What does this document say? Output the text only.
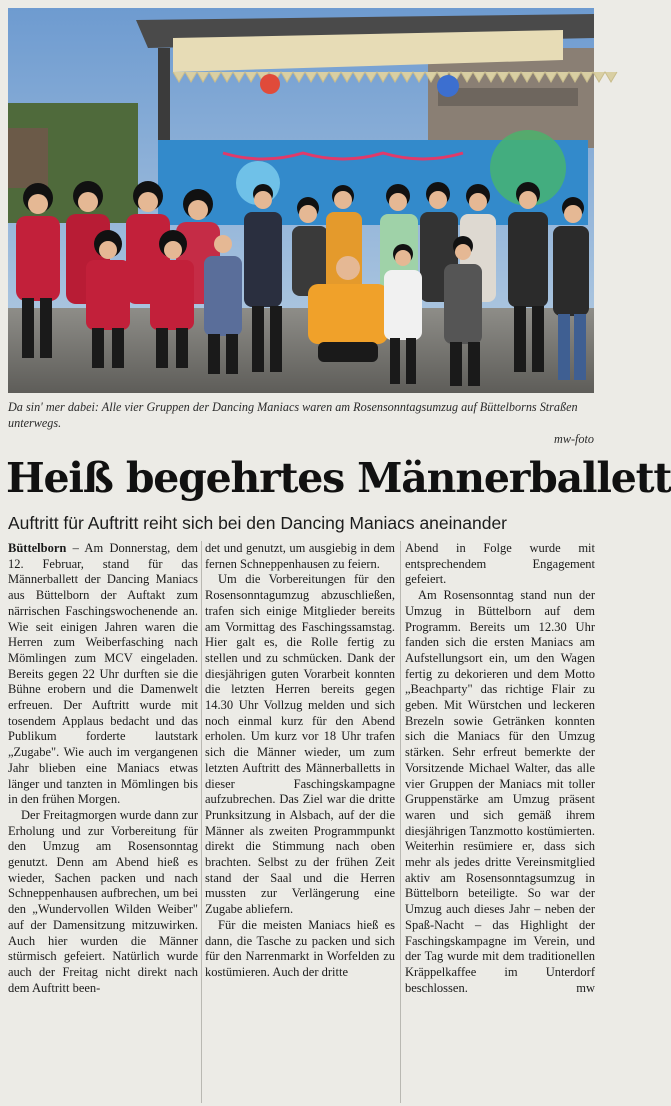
Da sin' mer dabei: Alle vier Gruppen der Dancing Maniacs waren am Rosensonntagsumzug auf Büttelborns Straßen unterwegs.
mw-foto
Heiß begehrtes Männerballett
Auftritt für Auftritt reiht sich bei den Dancing Maniacs aneinander

Büttelborn – Am Donnerstag, dem 12. Februar, stand für das Männerballett der Dancing Maniacs aus Büttelborn der Auftakt zum närrischen Faschingswochenende an. Wie seit einigen Jahren waren die Herren zum Weiberfasching nach Mömlingen zum MCV eingeladen. Bereits gegen 22 Uhr durften sie die Bühne erobern und die Damenwelt erfreuen. Der Auftritt wurde mit tosendem Applaus bedacht und das Publikum forderte lautstark „Zugabe". Wie auch im vergangenen Jahr blieben eine Maniacs etwas länger und tanzten in Mömlingen bis in den frühen Morgen.

Der Freitagmorgen wurde dann zur Erholung und zur Vorbereitung für den Umzug am Rosensonntag genutzt. Denn am Abend hieß es wieder, Sachen packen und nach Schneppenhausen aufbrechen, um bei den „Wundervollen Wilden Weiber" auf der Damensitzung mitzuwirken. Auch hier wurden die Männer stürmisch gefeiert. Natürlich wurde auch der Freitag nicht direkt nach dem Auftritt been-

det und genutzt, um ausgiebig in dem fernen Schneppenhausen zu feiern.

Um die Vorbereitungen für den Rosensonntagumzug abzuschließen, trafen sich einige Mitglieder bereits am Vormittag des Faschingssamstag. Hier galt es, die Rolle fertig zu stellen und zu schmücken. Dank der diesjährigen guten Vorarbeit konnten die letzten Herren bereits gegen 14.30 Uhr Vollzug melden und sich noch einmal kurz für den Abend erholen. Um kurz vor 18 Uhr trafen sich die Männer wieder, um zum letzten Auftritt des Männerballetts in dieser Faschingskampagne aufzubrechen. Das Ziel war die dritte Prunksitzung in Alsbach, auf der die Männer als zweiten Programmpunkt direkt die Stimmung nach oben brachten. Selbst zu der frühen Zeit stand der Saal und die Herren mussten zur Verlängerung eine Zugabe abliefern.

Für die meisten Maniacs hieß es dann, die Tasche zu packen und sich für den Narrenmarkt in Worfelden zu kostümieren. Auch der dritte

Abend in Folge wurde mit entsprechendem Engagement gefeiert.

Am Rosensonntag stand nun der Umzug in Büttelborn auf dem Programm. Bereits um 12.30 Uhr fanden sich die ersten Maniacs am Aufstellungsort ein, um den Wagen fertig zu dekorieren und dem Motto „Beachparty" das richtige Flair zu geben. Mit Würstchen und leckeren Brezeln sowie Getränken konnten sich die Maniacs für den Umzug stärken. Sehr erfreut bemerkte der Vorsitzende Michael Walter, das alle vier Gruppen der Maniacs mit toller Gruppenstärke am Umzug präsent waren und sich gemäß ihrem diesjährigen Tanzmotto kostümierten. Weiterhin resümiere er, dass sich mehr als jedes dritte Vereinsmitglied aktiv am Rosensonntagsumzug in Büttelborn beteiligte. So war der Umzug auch dieses Jahr – neben der Spaß-Nacht – das Highlight der Faschingskampagne im Verein, und der Tag wurde mit dem traditionellen Kräppelkaffee im Unterdorf beschlossen.	mw
